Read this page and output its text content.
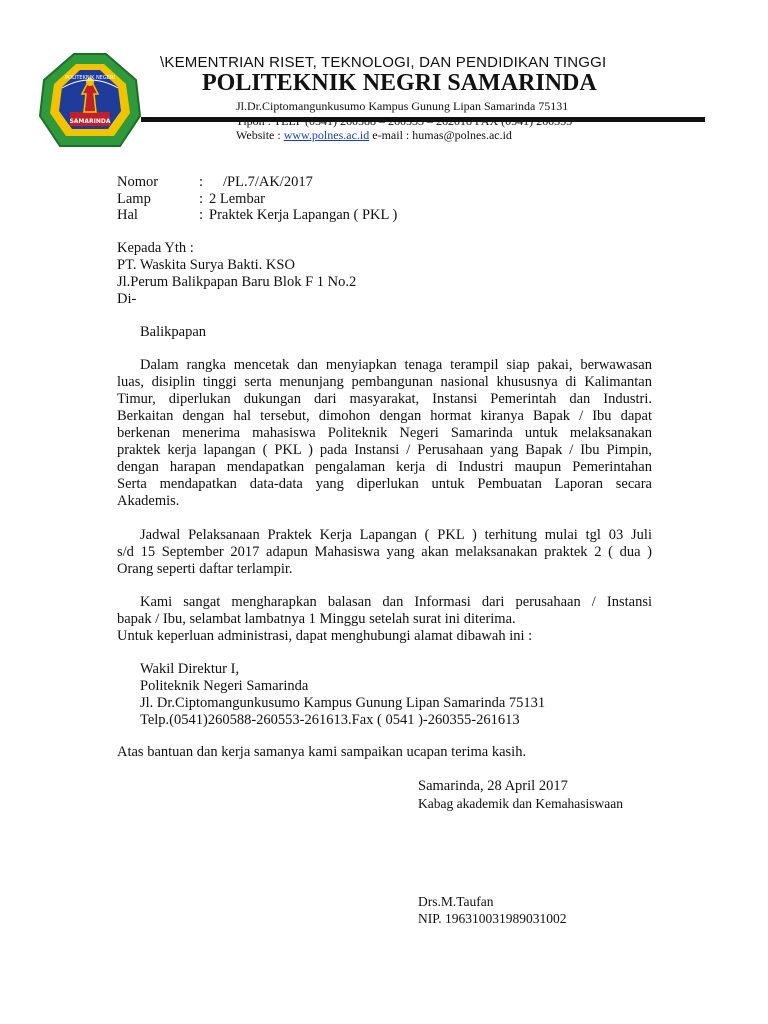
POLITEKNIK NEGERI
SAMARINDA
\KEMENTRIAN RISET, TEKNOLOGI, DAN PENDIDIKAN TINGGI
POLITEKNIK NEGRI SAMARINDA
Jl.Dr.Ciptomangunkusumo Kampus Gunung Lipan Samarinda 75131
Website : www.polnes.ac.id e-mail : humas@polnes.ac.id
Nomor	: /PL.7/AK/2017
Lamp	: 2 Lembar
Hal	: Praktek Kerja Lapangan ( PKL )
Kepada Yth :
PT. Waskita Surya Bakti. KSO
Jl.Perum Balikpapan Baru Blok F 1 No.2
Di-
Balikpapan
Dalam rangka mencetak dan menyiapkan tenaga terampil siap pakai, berwawasan
luas, disiplin tinggi serta menunjang pembangunan nasional khususnya di Kalimantan
Timur, diperlukan dukungan dari masyarakat, Instansi Pemerintah dan Industri.
Berkaitan dengan hal tersebut, dimohon dengan hormat kiranya Bapak / Ibu dapat
berkenan menerima mahasiswa Politeknik Negeri Samarinda untuk melaksanakan
praktek kerja lapangan ( PKL ) pada Instansi / Perusahaan yang Bapak / Ibu Pimpin,
dengan harapan mendapatkan pengalaman kerja di Industri maupun Pemerintahan
Serta mendapatkan data-data yang diperlukan untuk Pembuatan Laporan secara
Akademis.
Jadwal Pelaksanaan Praktek Kerja Lapangan ( PKL ) terhitung mulai tgl 03 Juli
s/d 15 September 2017 adapun Mahasiswa yang akan melaksanakan praktek 2 ( dua )
Orang seperti daftar terlampir.
Kami sangat mengharapkan balasan dan Informasi dari perusahaan / Instansi
bapak / Ibu, selambat lambatnya 1 Minggu setelah surat ini diterima.
Untuk keperluan administrasi, dapat menghubungi alamat dibawah ini :
Wakil Direktur I,
Politeknik Negeri Samarinda
Jl. Dr.Ciptomangunkusumo Kampus Gunung Lipan Samarinda 75131
Telp.(0541)260588-260553-261613.Fax ( 0541 )-260355-261613
Atas bantuan dan kerja samanya kami sampaikan ucapan terima kasih.
Samarinda, 28 April 2017
Kabag akademik dan Kemahasiswaan
Drs.M.Taufan
NIP. 196310031989031002
